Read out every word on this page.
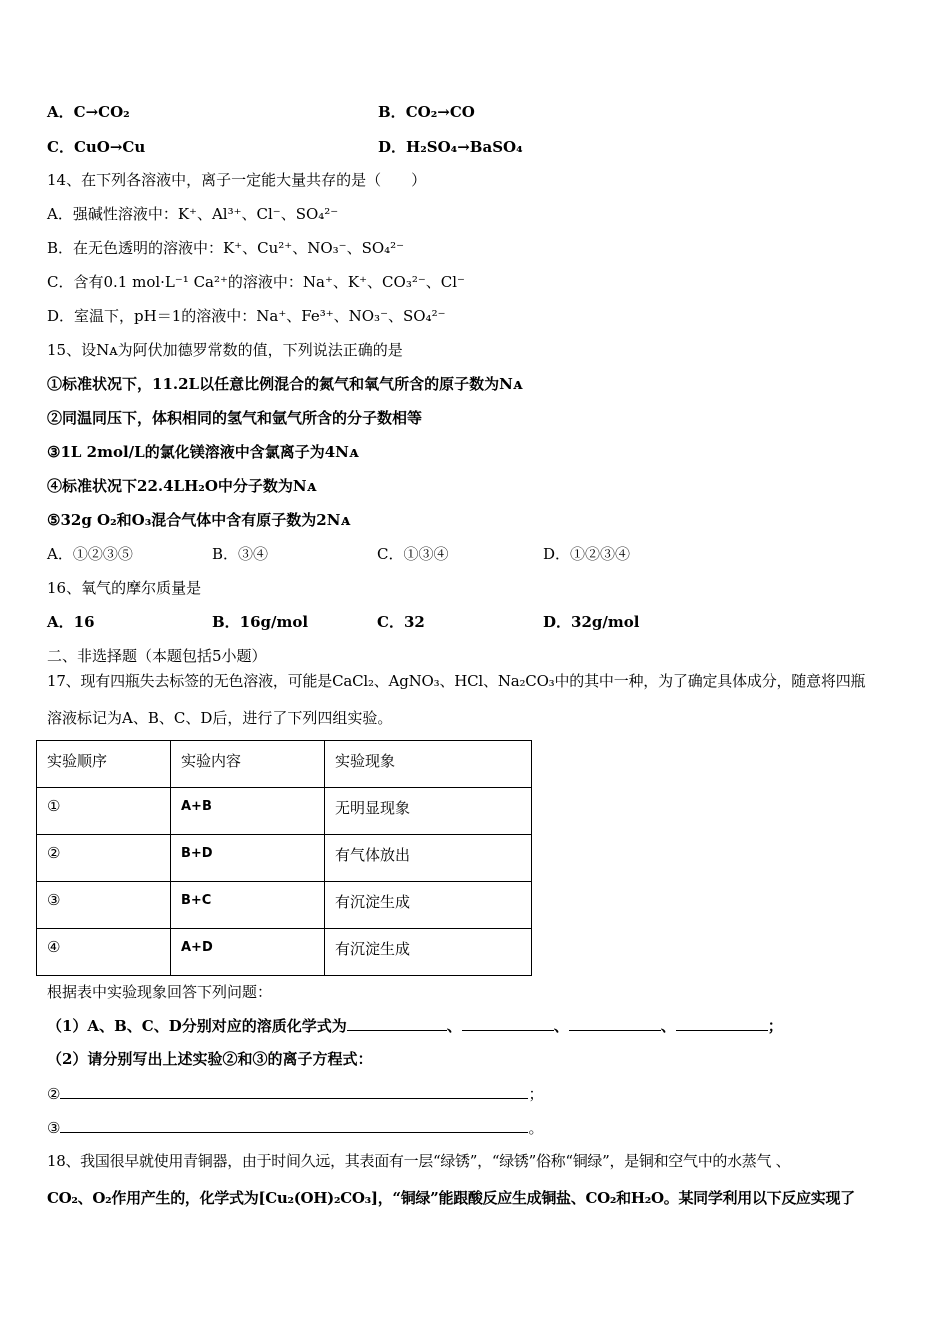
A．C→CO₂	B．CO₂→CO
C．CuO→Cu	D．H₂SO₄→BaSO₄
14、在下列各溶液中，离子一定能大量共存的是（　　）
A．强碱性溶液中：K⁺、Al³⁺、Cl⁻、SO₄²⁻
B．在无色透明的溶液中：K⁺、Cu²⁺、NO₃⁻、SO₄²⁻
C．含有0.1 mol·L⁻¹ Ca²⁺的溶液中：Na⁺、K⁺、CO₃²⁻、Cl⁻
D．室温下，pH＝1的溶液中：Na⁺、Fe³⁺、NO₃⁻、SO₄²⁻
15、设Nᴀ为阿伏加德罗常数的值，下列说法正确的是
①标准状况下，11.2L以任意比例混合的氮气和氧气所含的原子数为Nᴀ
②同温同压下，体积相同的氢气和氩气所含的分子数相等
③1L 2mol/L的氯化镁溶液中含氯离子为4Nᴀ
④标准状况下22.4LH₂O中分子数为Nᴀ
⑤32g O₂和O₃混合气体中含有原子数为2Nᴀ
A．①②③⑤	B．③④	C．①③④	D．①②③④
16、氧气的摩尔质量是
A．16	B．16g/mol	C．32	D．32g/mol
二、非选择题（本题包括5小题）
17、现有四瓶失去标签的无色溶液，可能是CaCl₂、AgNO₃、HCl、Na₂CO₃中的其中一种，为了确定具体成分，随意将四瓶
溶液标记为A、B、C、D后，进行了下列四组实验。
实验顺序	实验内容	实验现象

①	A+B	无明显现象

②	B+D	有气体放出

③	B+C	有沉淀生成

④	A+D	有沉淀生成
根据表中实验现象回答下列问题：
（1）A、B、C、D分别对应的溶质化学式为	、	、	、	；
（2）请分别写出上述实验②和③的离子方程式：
②	；
③	。
18、我国很早就使用青铜器，由于时间久远，其表面有一层“绿锈”，“绿锈”俗称“铜绿”，是铜和空气中的水蒸气 、
CO₂、O₂作用产生的，化学式为[Cu₂(OH)₂CO₃]，“铜绿”能跟酸反应生成铜盐、CO₂和H₂O。某同学利用以下反应实现了
